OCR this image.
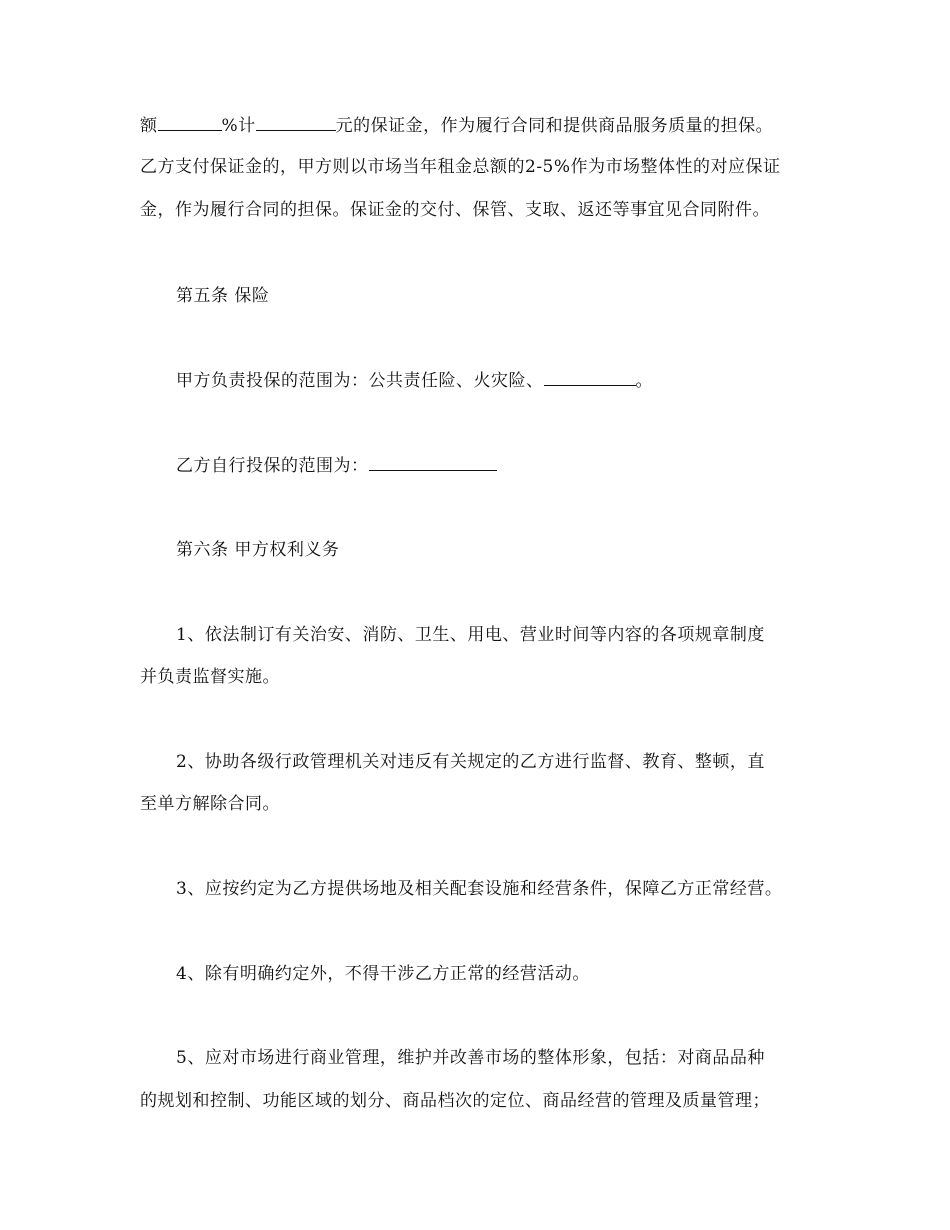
额	%计	元的保证金，作为履行合同和提供商品服务质量的担保。
乙方支付保证金的，甲方则以市场当年租金总额的2-5%作为市场整体性的对应保证
金，作为履行合同的担保。保证金的交付、保管、支取、返还等事宜见合同附件。
第五条 保险
甲方负责投保的范围为：公共责任险、火灾险、	。
乙方自行投保的范围为：
第六条 甲方权利义务
1、依法制订有关治安、消防、卫生、用电、营业时间等内容的各项规章制度
并负责监督实施。
2、协助各级行政管理机关对违反有关规定的乙方进行监督、教育、整顿，直
至单方解除合同。
3、应按约定为乙方提供场地及相关配套设施和经营条件，保障乙方正常经营。
4、除有明确约定外，不得干涉乙方正常的经营活动。
5、应对市场进行商业管理，维护并改善市场的整体形象，包括：对商品品种
的规划和控制、功能区域的划分、商品档次的定位、商品经营的管理及质量管理；
